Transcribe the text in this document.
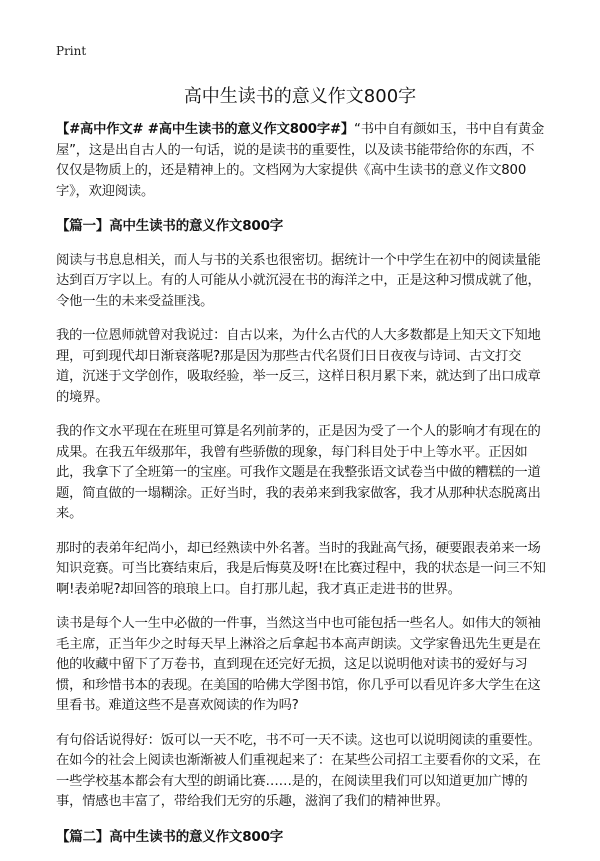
Print
高中生读书的意义作文800字

【#高中作文# #高中生读书的意义作文800字#】“书中自有颜如玉，书中自有黄金屋”，这是出自古人的一句话，说的是读书的重要性，以及读书能带给你的东西，不仅仅是物质上的，还是精神上的。文档网为大家提供《高中生读书的意义作文800字》，欢迎阅读。

【篇一】高中生读书的意义作文800字

阅读与书息息相关，而人与书的关系也很密切。据统计一个中学生在初中的阅读量能达到百万字以上。有的人可能从小就沉浸在书的海洋之中，正是这种习惯成就了他，令他一生的未来受益匪浅。

我的一位恩师就曾对我说过：自古以来，为什么古代的人大多数都是上知天文下知地理，可到现代却日渐衰落呢?那是因为那些古代名贤们日日夜夜与诗词、古文打交道，沉迷于文学创作，吸取经验，举一反三，这样日积月累下来，就达到了出口成章的境界。

我的作文水平现在在班里可算是名列前茅的，正是因为受了一个人的影响才有现在的成果。在我五年级那年，我曾有些骄傲的现象，每门科目处于中上等水平。正因如此，我拿下了全班第一的宝座。可我作文题是在我整张语文试卷当中做的糟糕的一道题，简直做的一塌糊涂。正好当时，我的表弟来到我家做客，我才从那种状态脱离出来。

那时的表弟年纪尚小，却已经熟读中外名著。当时的我趾高气扬，硬要跟表弟来一场知识竞赛。可当比赛结束后，我是后悔莫及呀!在比赛过程中，我的状态是一问三不知啊!表弟呢?却回答的琅琅上口。自打那儿起，我才真正走进书的世界。

读书是每个人一生中必做的一件事，当然这当中也可能包括一些名人。如伟大的领袖毛主席，正当年少之时每天早上淋浴之后拿起书本高声朗读。文学家鲁迅先生更是在他的收藏中留下了万卷书，直到现在还完好无损，这足以说明他对读书的爱好与习惯，和珍惜书本的表现。在美国的哈佛大学图书馆，你几乎可以看见许多大学生在这里看书。难道这些不是喜欢阅读的作为吗?

有句俗话说得好：饭可以一天不吃，书不可一天不读。这也可以说明阅读的重要性。在如今的社会上阅读也渐渐被人们重视起来了：在某些公司招工主要看你的文采，在一些学校基本都会有大型的朗诵比赛……是的，在阅读里我们可以知道更加广博的事，情感也丰富了，带给我们无穷的乐趣，滋润了我们的精神世界。

【篇二】高中生读书的意义作文800字
